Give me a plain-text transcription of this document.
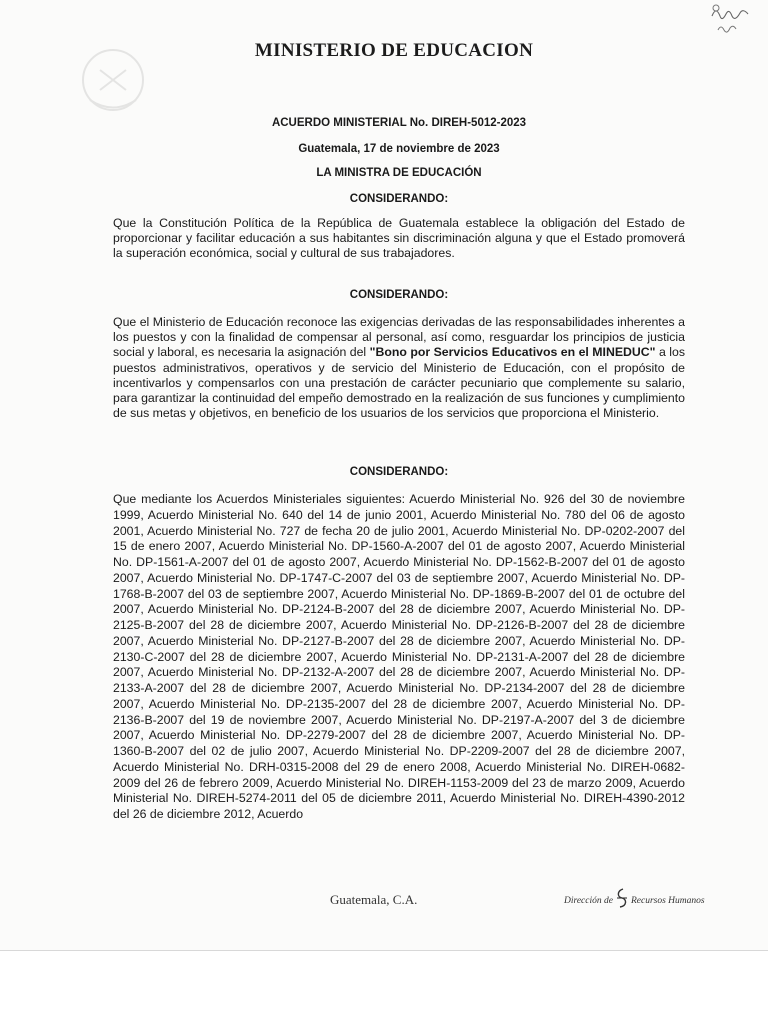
MINISTERIO DE EDUCACION
ACUERDO MINISTERIAL No. DIREH-5012-2023
Guatemala, 17 de noviembre de 2023
LA MINISTRA DE EDUCACIÓN
CONSIDERANDO:

Que la Constitución Política de la República de Guatemala establece la obligación del Estado de proporcionar y facilitar educación a sus habitantes sin discriminación alguna y que el Estado promoverá la superación económica, social y cultural de sus trabajadores.

CONSIDERANDO:

Que el Ministerio de Educación reconoce las exigencias derivadas de las responsabilidades inherentes a los puestos y con la finalidad de compensar al personal, así como, resguardar los principios de justicia social y laboral, es necesaria la asignación del "Bono por Servicios Educativos en el MINEDUC" a los puestos administrativos, operativos y de servicio del Ministerio de Educación, con el propósito de incentivarlos y compensarlos con una prestación de carácter pecuniario que complemente su salario, para garantizar la continuidad del empeño demostrado en la realización de sus funciones y cumplimiento de sus metas y objetivos, en beneficio de los usuarios de los servicios que proporciona el Ministerio.

CONSIDERANDO:

Que mediante los Acuerdos Ministeriales siguientes: Acuerdo Ministerial No. 926 del 30 de noviembre 1999, Acuerdo Ministerial No. 640 del 14 de junio 2001, Acuerdo Ministerial No. 780 del 06 de agosto 2001, Acuerdo Ministerial No. 727 de fecha 20 de julio 2001, Acuerdo Ministerial No. DP-0202-2007 del 15 de enero 2007, Acuerdo Ministerial No. DP-1560-A-2007 del 01 de agosto 2007, Acuerdo Ministerial No. DP-1561-A-2007 del 01 de agosto 2007, Acuerdo Ministerial No. DP-1562-B-2007 del 01 de agosto 2007, Acuerdo Ministerial No. DP-1747-C-2007 del 03 de septiembre 2007, Acuerdo Ministerial No. DP-1768-B-2007 del 03 de septiembre 2007, Acuerdo Ministerial No. DP-1869-B-2007 del 01 de octubre del 2007, Acuerdo Ministerial No. DP-2124-B-2007 del 28 de diciembre 2007, Acuerdo Ministerial No. DP-2125-B-2007 del 28 de diciembre 2007, Acuerdo Ministerial No. DP-2126-B-2007 del 28 de diciembre 2007, Acuerdo Ministerial No. DP-2127-B-2007 del 28 de diciembre 2007, Acuerdo Ministerial No. DP-2130-C-2007 del 28 de diciembre 2007, Acuerdo Ministerial No. DP-2131-A-2007 del 28 de diciembre 2007, Acuerdo Ministerial No. DP-2132-A-2007 del 28 de diciembre 2007, Acuerdo Ministerial No. DP-2133-A-2007 del 28 de diciembre 2007, Acuerdo Ministerial No. DP-2134-2007 del 28 de diciembre 2007, Acuerdo Ministerial No. DP-2135-2007 del 28 de diciembre 2007, Acuerdo Ministerial No. DP-2136-B-2007 del 19 de noviembre 2007, Acuerdo Ministerial No. DP-2197-A-2007 del 3 de diciembre 2007, Acuerdo Ministerial No. DP-2279-2007 del 28 de diciembre 2007, Acuerdo Ministerial No. DP-1360-B-2007 del 02 de julio 2007, Acuerdo Ministerial No. DP-2209-2007 del 28 de diciembre 2007, Acuerdo Ministerial No. DRH-0315-2008 del 29 de enero 2008, Acuerdo Ministerial No. DIREH-0682-2009 del 26 de febrero 2009, Acuerdo Ministerial No. DIREH-1153-2009 del 23 de marzo 2009, Acuerdo Ministerial No. DIREH-5274-2011 del 05 de diciembre 2011, Acuerdo Ministerial No. DIREH-4390-2012 del 26 de diciembre 2012, Acuerdo

Guatemala, C.A.	Dirección de Recursos Humanos
